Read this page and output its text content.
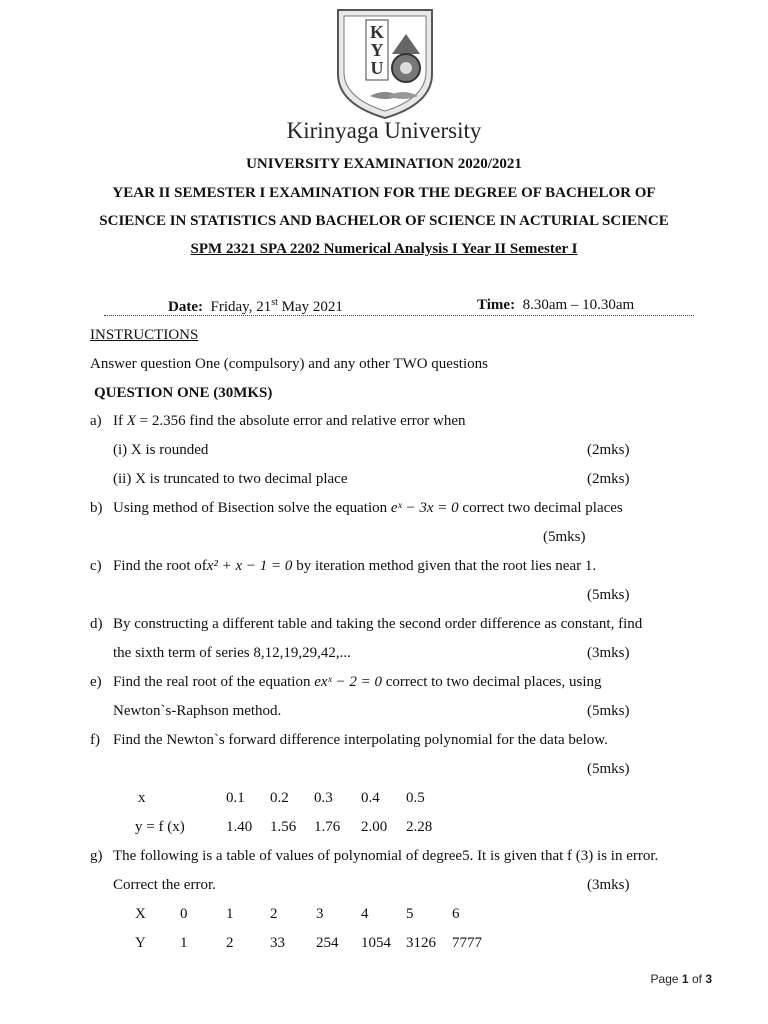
K
Y
U
Kirinyaga University
UNIVERSITY EXAMINATION 2020/2021
YEAR II SEMESTER I EXAMINATION FOR THE DEGREE OF BACHELOR OF
SCIENCE IN STATISTICS AND BACHELOR OF SCIENCE IN ACTURIAL SCIENCE
SPM 2321 SPA 2202 Numerical Analysis I Year II Semester I
Date: Friday, 21st May 2021	Time: 8.30am – 10.30am
INSTRUCTIONS
Answer question One (compulsory) and any other TWO questions
QUESTION ONE (30MKS)
a) If X = 2.356 find the absolute error and relative error when
(i) X is rounded	(2mks)
(ii) X is truncated to two decimal place	(2mks)
b) Using method of Bisection solve the equation eˣ − 3x = 0 correct two decimal places
(5mks)
c) Find the root ofx² + x − 1 = 0 by iteration method given that the root lies near 1.
(5mks)
d) By constructing a different table and taking the second order difference as constant, find
the sixth term of series 8,12,19,29,42,...	(3mks)
e) Find the real root of the equation exˣ − 2 = 0 correct to two decimal places, using
Newton`s-Raphson method.	(5mks)
f) Find the Newton`s forward difference interpolating polynomial for the data below.
(5mks)
x	0.1 0.2 0.3 0.4 0.5
y = f (x)	1.40 1.56 1.76 2.00 2.28
g) The following is a table of values of polynomial of degree5. It is given that f (3) is in error.
Correct the error.	(3mks)
X 0	1 2	3	4	5	6
Y 1	2 33 254 1054 3126 7777
Page 1 of 3
